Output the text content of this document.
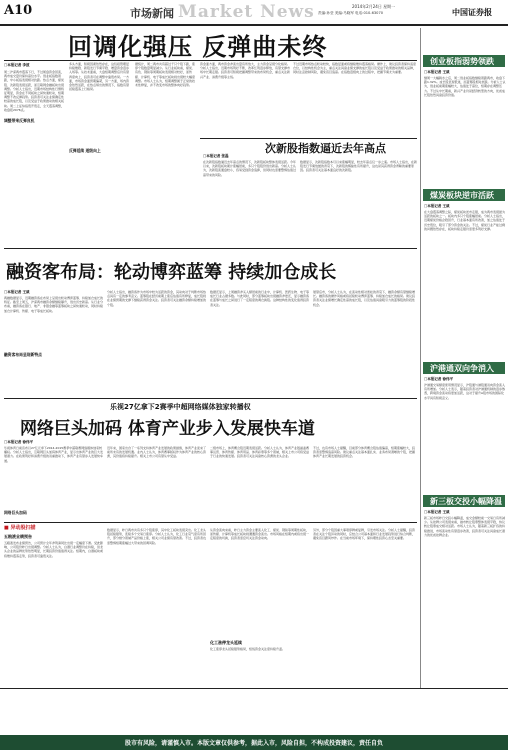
A10	市场新闻 Market News	2014年2月24日 星期一
责编:孙莹 美编:马晓军 电话:010-63070	中国证券报
回调化强压 反弹曲未终
□本报记者 李波
周二沪深两市震荡下行，不过尾盘资金回流，两市成交量仍保持高位水平。创业板指数领跌，中小板指表现相对抗跌。热点方面，煤炭股、次新股表现活跃，而互联网金融板块出现调整。分析人士指出，近期市场结构性行情特征明显，资金在不同板块之间快速轮动，短期调整不改反弹趋势。投资者可关注业绩确定性较高的成长股，以及受益于政策推动的相关板块。周二上证综指低开低走，全天震荡调整，收盘报2076点。
调整带来反弹良机
多头方面，积极因素依然存在，这包括管理层持续维稳、新股发行节奏平稳、增量资金逐步入场等。从技术面看，大盘短期调整后仍有望再度向上，投资者可在调整中逢低布局。一方面，市场资金面预期偏紧，另一方面，场内资金依然活跃，在热点频出的情况下，指数有望延续震荡上行格局。
反弹延续 逐级向上
据统计，周二两市共有超过千只个股下跌，涨停个股数量明显减少。从行业板块看，煤炭、有色、钢铁等周期板块表现相对较好，而传媒、计算机、电子等成长板块则出现较大幅度调整。市场人士认为，短期调整属于正常的技术性修复，并不改变市场的整体向好趋势。
资金面方面，两市资金净流出量有所放大，主力资金呈现分化格局。分析人士指出，近期市场利好不断，改革红利逐步释放，有望支撑市场中长期走强。投资者可积极把握调整带来的布局机会，重点关注新兴产业、消费升级等主线。
不过近期市场热点轮动较快，指数层面或将继续维持震荡格局。操作上，建议投资者保持适度仓位，以结构性机会为主，重点关注具备业绩支撑的成长股以及受益于政策推动的相关品种，同时注意控制风险，避免盲目追高。在指数逐级向上的过程中，把握节奏尤为重要。
次新股指数逼近去年高点
□本报记者 张磊
在次新股指数逼近去年高点的情况下，次新股板块整体表现活跃。今年以来，次新股板块累计涨幅居前，多只个股股价创出新高。分析人士认为，次新股流通盘较小，容易受到资金追捧，但同时也需要警惕估值过高带来的风险。
数据显示，次新股指数本月以来涨幅明显，较去年高点仅一步之遥。市场人士指出，在新股发行节奏放缓的背景下，次新股的稀缺性有所提升，这也是其获得资金青睐的重要原因。投资者可关注基本面良好的次新股。
创业板指弱势领跌
□本报记者 王威
继周一大幅跳水之后，周二创业板指数继续领跌两市，收盘下跌1.32%。成长股表现低迷，而蓝筹股相对抗跌。分析人士认为，创业板前期涨幅较大，估值处于高位，短期存在调整压力。不过从中长期看，新兴产业仍是经济转型的方向，优质成长股依然具备投资价值。
煤炭板块逆市活跃
□本报记者 王威
在大盘震荡调整之际，煤炭板块逆市走强，成为两市表现最为活跃的板块之一。板块内多只个股涨幅居前。分析人士指出，近期煤炭价格企稳回升，行业基本面有所改善，加之估值处于历史低位，吸引了部分资金的关注。不过，煤炭行业产能过剩的问题依然存在，板块持续走强仍需更多利好支撑。
沪港通双向争消入
□本报记者 徐伟平
沪港通交易额度使用情况显示，沪股通与港股通双向资金流入有所增加。分析人士表示，随着投资者对沪港通机制的逐步熟悉，跨境资金流动将更加活跃，这对于提升A股市场的国际化水平具有积极意义。
新三板交投小幅降温
□本报记者 王威
新三板市场昨日交投小幅降温，成交金额较前一交易日有所减少。从挂牌公司表现来看，做市转让股票整体表现平稳，协议转让股票成交相对活跃。市场人士认为，随着新三板扩容的持续推进，市场流动性有望逐步改善，投资者可关注具备成长潜力的优质挂牌企业。
融资客布局：轮动博弈蓝筹 持续加仓成长
□本报记者 王威
两融数据显示，近期融资客在布局上呈现出轮动博弈蓝筹、持续加仓成长的特征。截至上周五，沪深两市融资余额继续攀升，创出历史新高。从行业分布看，融资客在银行、地产、非银金融等蓝筹板块之间快速轮动，同时持续加仓计算机、传媒、电子等成长板块。
融资客布局呈现新特点
分析人士指出，融资客作为市场中较为活跃的资金，其动向对于判断市场热点具有一定的参考意义。蓝筹股在经历前期上涨后估值有所修复，成长股则在业绩预期的支撑下继续获得资金关注。投资者可关注融资余额持续增加的个股。
数据还显示，上周融资净买入额居前的行业中，计算机、医药生物、电子等成长行业占据多数。与此同时，部分蓝筹板块出现融资净偿还，显示融资客在蓝筹与成长之间进行了一定程度的调仓换股。这种结构性的变化值得投资者关注。
展望后市，分析人士认为，在流动性相对宽松的背景下，融资余额有望继续增长。融资客的操作风格或将延续轮动博弈蓝筹、持续加仓成长的格局。建议投资者关注业绩增长确定性高的成长股，以及估值具备吸引力的蓝筹股的阶段性机会。
乐视27亿拿下2赛季中超网络媒体独家转播权
网络巨头加码 体育产业步入发展快车道
□本报记者 徐伟平
乐视体育日前宣布以27亿元拿下2014-2015赛季中超联赛网络媒体独家转播权。分析人士指出，互联网巨头加码体育产业，显示出体育产业的巨大发展潜力。在政策利好和消费升级的双重推动下，体育产业有望步入发展快车道。
网络巨头加码
近年来，国家出台了一系列支持体育产业发展的政策措施，体育产业迎来了前所未有的发展机遇。业内人士认为，体育赛事版权作为体育产业的核心资源，其价值将持续提升。相关上市公司有望从中受益。
二级市场上，体育概念股近期表现活跃。分析人士认为，体育产业链涵盖赛事运营、体育传媒、体育用品、体育彩票等多个领域，相关上市公司将受益于行业的快速发展。投资者可关注具备核心资源的龙头企业。
不过，也有市场人士提醒，目前部分体育概念股估值偏高，短期涨幅较大，投资者需警惕追高风险。建议重点关注基本面扎实、业务布局清晰的个股，把握体育产业长期发展的投资机会。
■ 异动股扫描
五粮液业绩预告
五粮液发布业绩预告，公司预计全年净利润同比出现一定幅度下滑。受此影响，公司股价昨日出现调整。分析人士认为，白酒行业调整仍在持续，但龙头企业的品牌优势依然明显，长期投资价值值得关注。短期内，白酒板块或将维持震荡走势，投资者可逢低关注。
数据显示，昨日两市共有多只个股涨停，其中化工板块表现突出。化工龙头股延续强势，连续多个交易日涨停。分析人士认为，化工行业景气度有所回升，部分细分领域产品价格上涨，相关公司业绩有望改善。不过，投资者也需警惕短期涨幅过大带来的回调风险。
化工涨停龙头延续
从资金流向来看，昨日主力资金主要流入化工、煤炭、钢铁等周期性板块，而传媒、计算机等成长板块则遭遇资金流出。市场风格在短期内或将出现一定程度的切换，投资者需密切关注资金动向。
化工涨停龙头延续强势格局，短线资金关注度持续升温。
另外，部分个股因重大事项停牌或复牌，引发市场关注。分析人士提醒，投资者在关注个股异动的同时，应结合公司基本面和行业发展趋势进行综合判断，避免盲目跟风炒作。在当前市场环境下，保持理性投资心态至关重要。
股市有风险，请谨慎入市。本版文章仅供参考，据此入市，风险自担，不构成投资建议，责任自负
